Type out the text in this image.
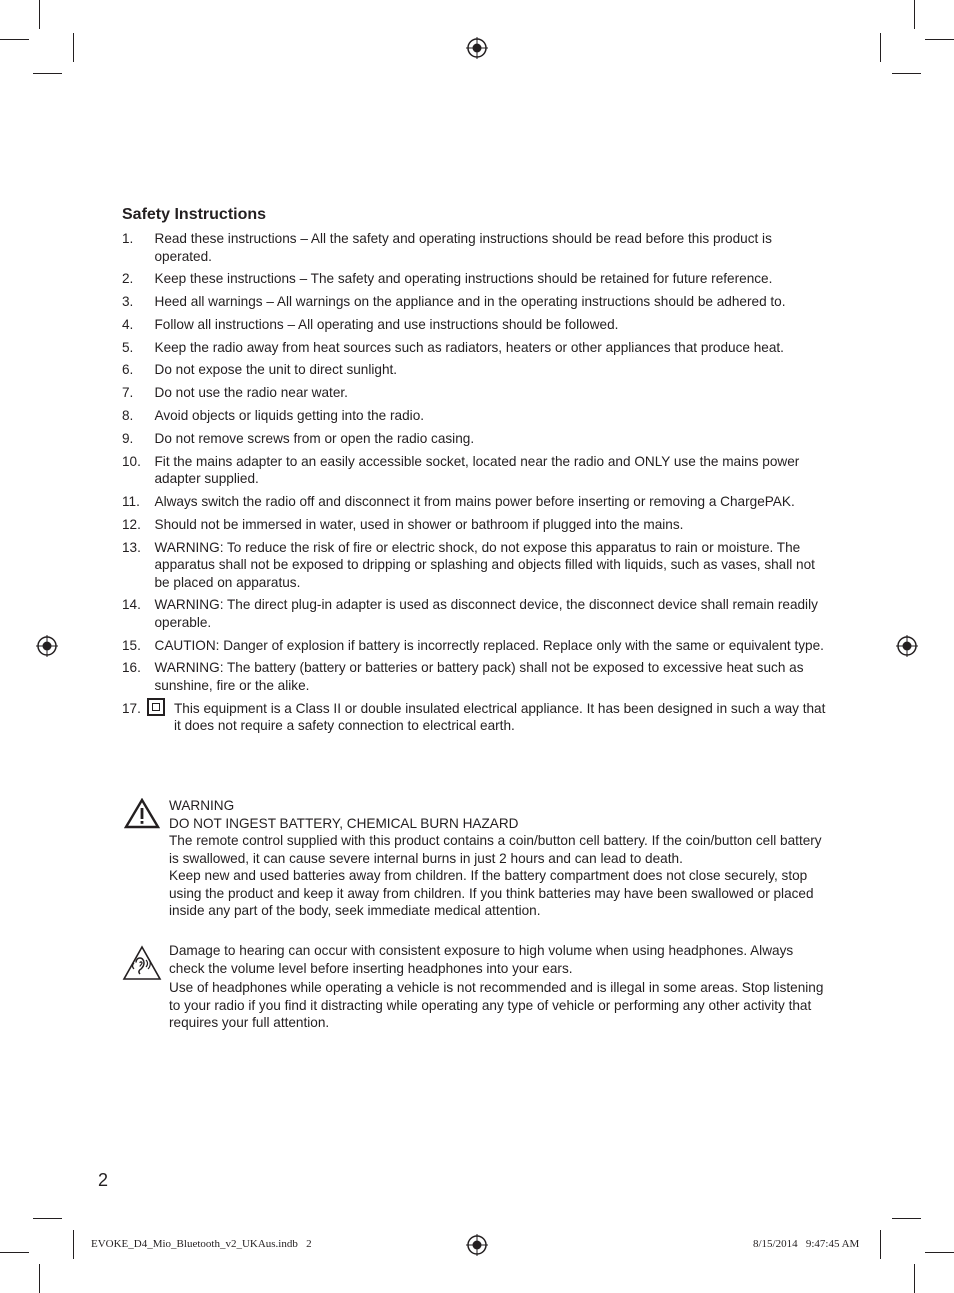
Safety Instructions
1. Read these instructions – All the safety and operating instructions should be read before this product is operated.
2. Keep these instructions – The safety and operating instructions should be retained for future reference.
3. Heed all warnings – All warnings on the appliance and in the operating instructions should be adhered to.
4. Follow all instructions – All operating and use instructions should be followed.
5. Keep the radio away from heat sources such as radiators, heaters or other appliances that produce heat.
6. Do not expose the unit to direct sunlight.
7. Do not use the radio near water.
8. Avoid objects or liquids getting into the radio.
9. Do not remove screws from or open the radio casing.
10. Fit the mains adapter to an easily accessible socket, located near the radio and ONLY use the mains power adapter supplied.
11. Always switch the radio off and disconnect it from mains power before inserting or removing a ChargePAK.
12. Should not be immersed in water, used in shower or bathroom if plugged into the mains.
13. WARNING: To reduce the risk of fire or electric shock, do not expose this apparatus to rain or moisture. The apparatus shall not be exposed to dripping or splashing and objects filled with liquids, such as vases, shall not be placed on apparatus.
14. WARNING: The direct plug-in adapter is used as disconnect device, the disconnect device shall remain readily operable.
15. CAUTION: Danger of explosion if battery is incorrectly replaced. Replace only with the same or equivalent type.
16. WARNING: The battery (battery or batteries or battery pack) shall not be exposed to excessive heat such as sunshine, fire or the alike.
17. This equipment is a Class II or double insulated electrical appliance. It has been designed in such a way that it does not require a safety connection to electrical earth.

WARNING

DO NOT INGEST BATTERY, CHEMICAL BURN HAZARD

The remote control supplied with this product contains a coin/button cell battery. If the coin/button cell battery is swallowed, it can cause severe internal burns in just 2 hours and can lead to death.

Keep new and used batteries away from children. If the battery compartment does not close securely, stop using the product and keep it away from children. If you think batteries may have been swallowed or placed inside any part of the body, seek immediate medical attention.

Damage to hearing can occur with consistent exposure to high volume when using headphones. Always check the volume level before inserting headphones into your ears.

Use of headphones while operating a vehicle is not recommended and is illegal in some areas. Stop listening to your radio if you find it distracting while operating any type of vehicle or performing any other activity that requires your full attention.

2
EVOKE_D4_Mio_Bluetooth_v2_UKAus.indb   2	8/15/2014   9:47:45 AM
